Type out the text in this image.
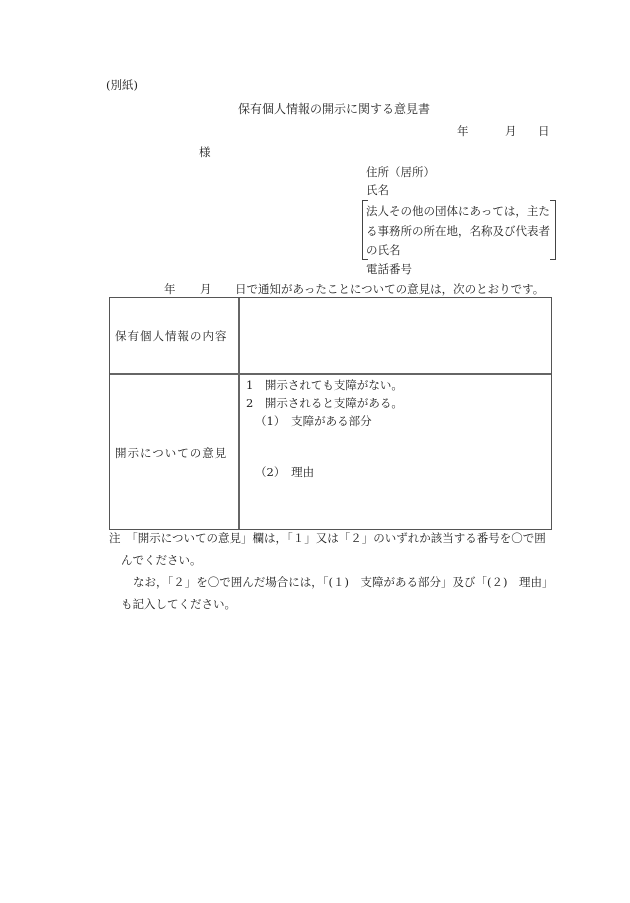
(別紙)
保有個人情報の開示に関する意見書
年	月 日
様
住所（居所）
氏名
法人その他の団体にあっては，主た
る事務所の所在地，名称及び代表者
の氏名
電話番号
年 月 日で通知があったことについての意見は，次のとおりです。
保有個人情報の内容
開示についての意見
1　開示されても支障がない。
2　開示されると支障がある。
（1）　支障がある部分
（2）　理由
注　「開示についての意見」欄は，「１」又は「２」のいずれか該当する番号を〇で囲
んでください。
なお，「２」を〇で囲んだ場合には，「(１)　支障がある部分」及び「(２)　理由」
も記入してください。
